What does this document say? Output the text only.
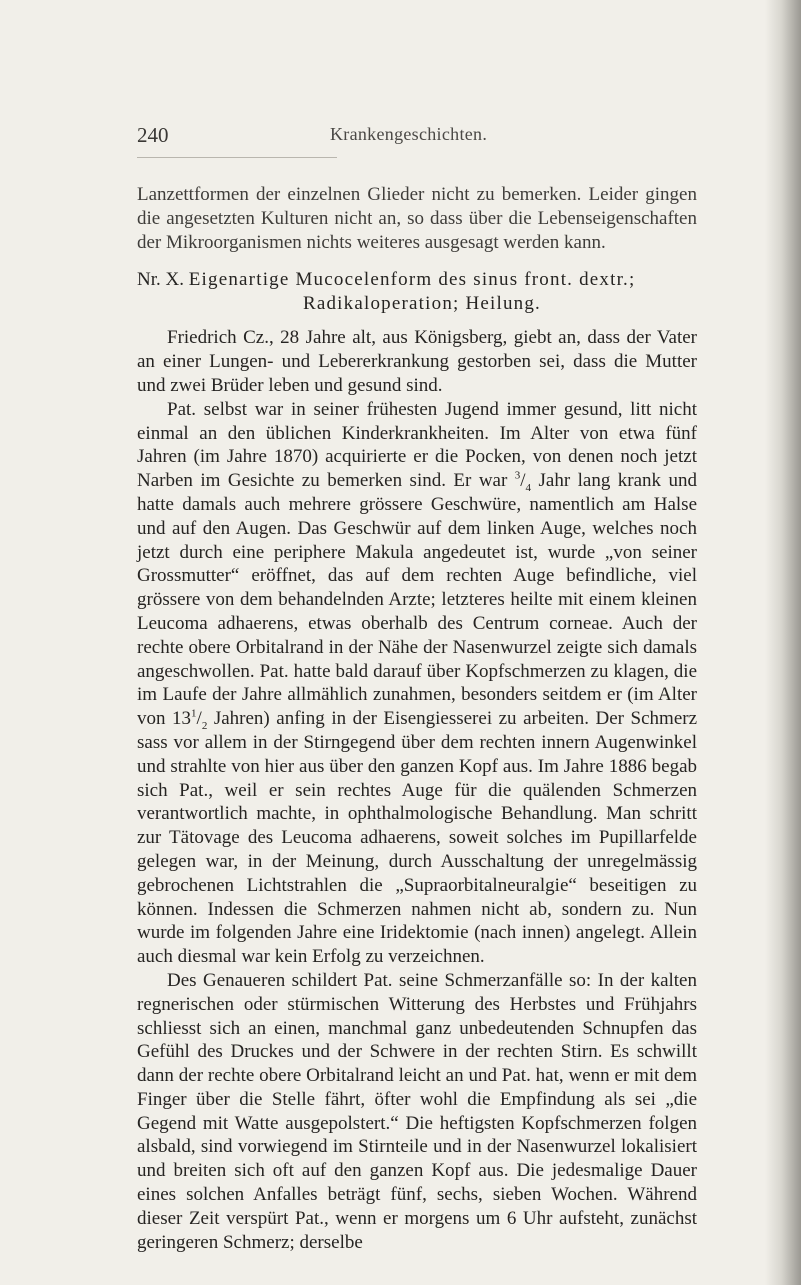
240	Krankengeschichten.

Lanzettformen der einzelnen Glieder nicht zu bemerken. Leider gingen die angesetzten Kulturen nicht an, so dass über die Lebenseigenschaften der Mikroorganismen nichts weiteres ausgesagt werden kann.

Nr. X. Eigenartige Mucocelenform des sinus front. dextr.;
Radikaloperation; Heilung.

Friedrich Cz., 28 Jahre alt, aus Königsberg, giebt an, dass der Vater an einer Lungen- und Lebererkrankung gestorben sei, dass die Mutter und zwei Brüder leben und gesund sind.

Pat. selbst war in seiner frühesten Jugend immer gesund, litt nicht einmal an den üblichen Kinderkrankheiten. Im Alter von etwa fünf Jahren (im Jahre 1870) acquirierte er die Pocken, von denen noch jetzt Narben im Gesichte zu bemerken sind. Er war $^3/_4$ Jahr lang krank und hatte damals auch mehrere grössere Geschwüre, namentlich am Halse und auf den Augen. Das Geschwür auf dem linken Auge, welches noch jetzt durch eine periphere Makula angedeutet ist, wurde „von seiner Grossmutter“ eröffnet, das auf dem rechten Auge befindliche, viel grössere von dem behandelnden Arzte; letzteres heilte mit einem kleinen Leucoma adhaerens, etwas oberhalb des Centrum corneae. Auch der rechte obere Orbitalrand in der Nähe der Nasenwurzel zeigte sich damals angeschwollen. Pat. hatte bald darauf über Kopfschmerzen zu klagen, die im Laufe der Jahre allmählich zunahmen, besonders seitdem er (im Alter von $13^1/_2$ Jahren) anfing in der Eisengiesserei zu arbeiten. Der Schmerz sass vor allem in der Stirngegend über dem rechten innern Augenwinkel und strahlte von hier aus über den ganzen Kopf aus. Im Jahre 1886 begab sich Pat., weil er sein rechtes Auge für die quälenden Schmerzen verantwortlich machte, in ophthalmologische Behandlung. Man schritt zur Tätovage des Leucoma adhaerens, soweit solches im Pupillarfelde gelegen war, in der Meinung, durch Ausschaltung der unregelmässig gebrochenen Lichtstrahlen die „Supraorbitalneuralgie“ beseitigen zu können. Indessen die Schmerzen nahmen nicht ab, sondern zu. Nun wurde im folgenden Jahre eine Iridektomie (nach innen) angelegt. Allein auch diesmal war kein Erfolg zu verzeichnen.

Des Genaueren schildert Pat. seine Schmerzanfälle so: In der kalten regnerischen oder stürmischen Witterung des Herbstes und Frühjahrs schliesst sich an einen, manchmal ganz unbedeutenden Schnupfen das Gefühl des Druckes und der Schwere in der rechten Stirn. Es schwillt dann der rechte obere Orbitalrand leicht an und Pat. hat, wenn er mit dem Finger über die Stelle fährt, öfter wohl die Empfindung als sei „die Gegend mit Watte ausgepolstert.“ Die heftigsten Kopfschmerzen folgen alsbald, sind vorwiegend im Stirnteile und in der Nasenwurzel lokalisiert und breiten sich oft auf den ganzen Kopf aus. Die jedesmalige Dauer eines solchen Anfalles beträgt fünf, sechs, sieben Wochen. Während dieser Zeit verspürt Pat., wenn er morgens um 6 Uhr aufsteht, zunächst geringeren Schmerz; derselbe
